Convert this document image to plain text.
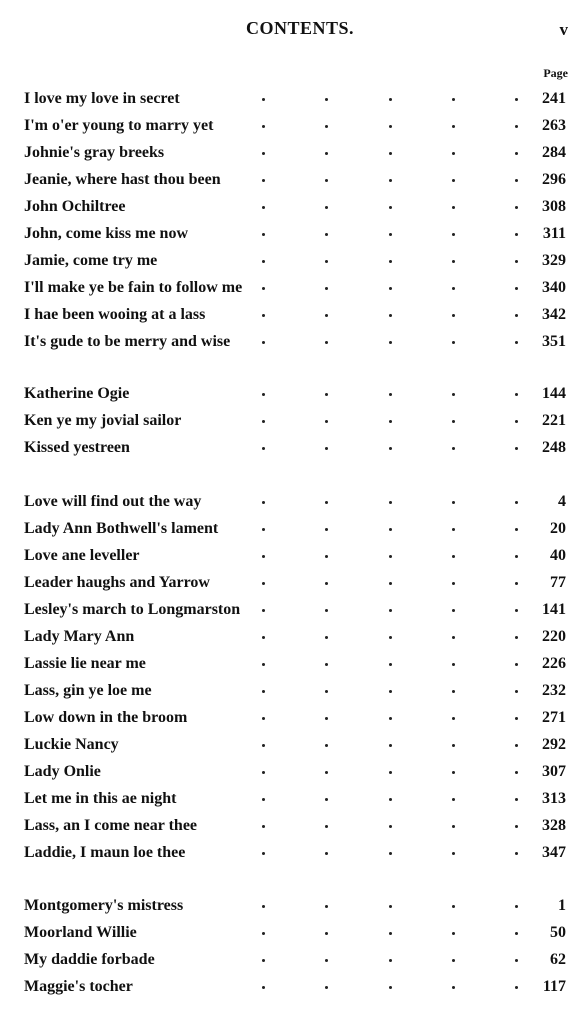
CONTENTS.	v
Page
I love my love in secret	241
I'm o'er young to marry yet	263
Johnie's gray breeks	284
Jeanie, where hast thou been	296
John Ochiltree	308
John, come kiss me now	311
Jamie, come try me	329
I'll make ye be fain to follow me	340
I hae been wooing at a lass	342
It's gude to be merry and wise	351
Katherine Ogie	144
Ken ye my jovial sailor	221
Kissed yestreen	248
Love will find out the way	4
Lady Ann Bothwell's lament	20
Love ane leveller	40
Leader haughs and Yarrow	77
Lesley's march to Longmarston	141
Lady Mary Ann	220
Lassie lie near me	226
Lass, gin ye loe me	232
Low down in the broom	271
Luckie Nancy	292
Lady Onlie	307
Let me in this ae night	313
Lass, an I come near thee	328
Laddie, I maun loe thee	347
Montgomery's mistress	1
Moorland Willie	50
My daddie forbade	62
Maggie's tocher	117
